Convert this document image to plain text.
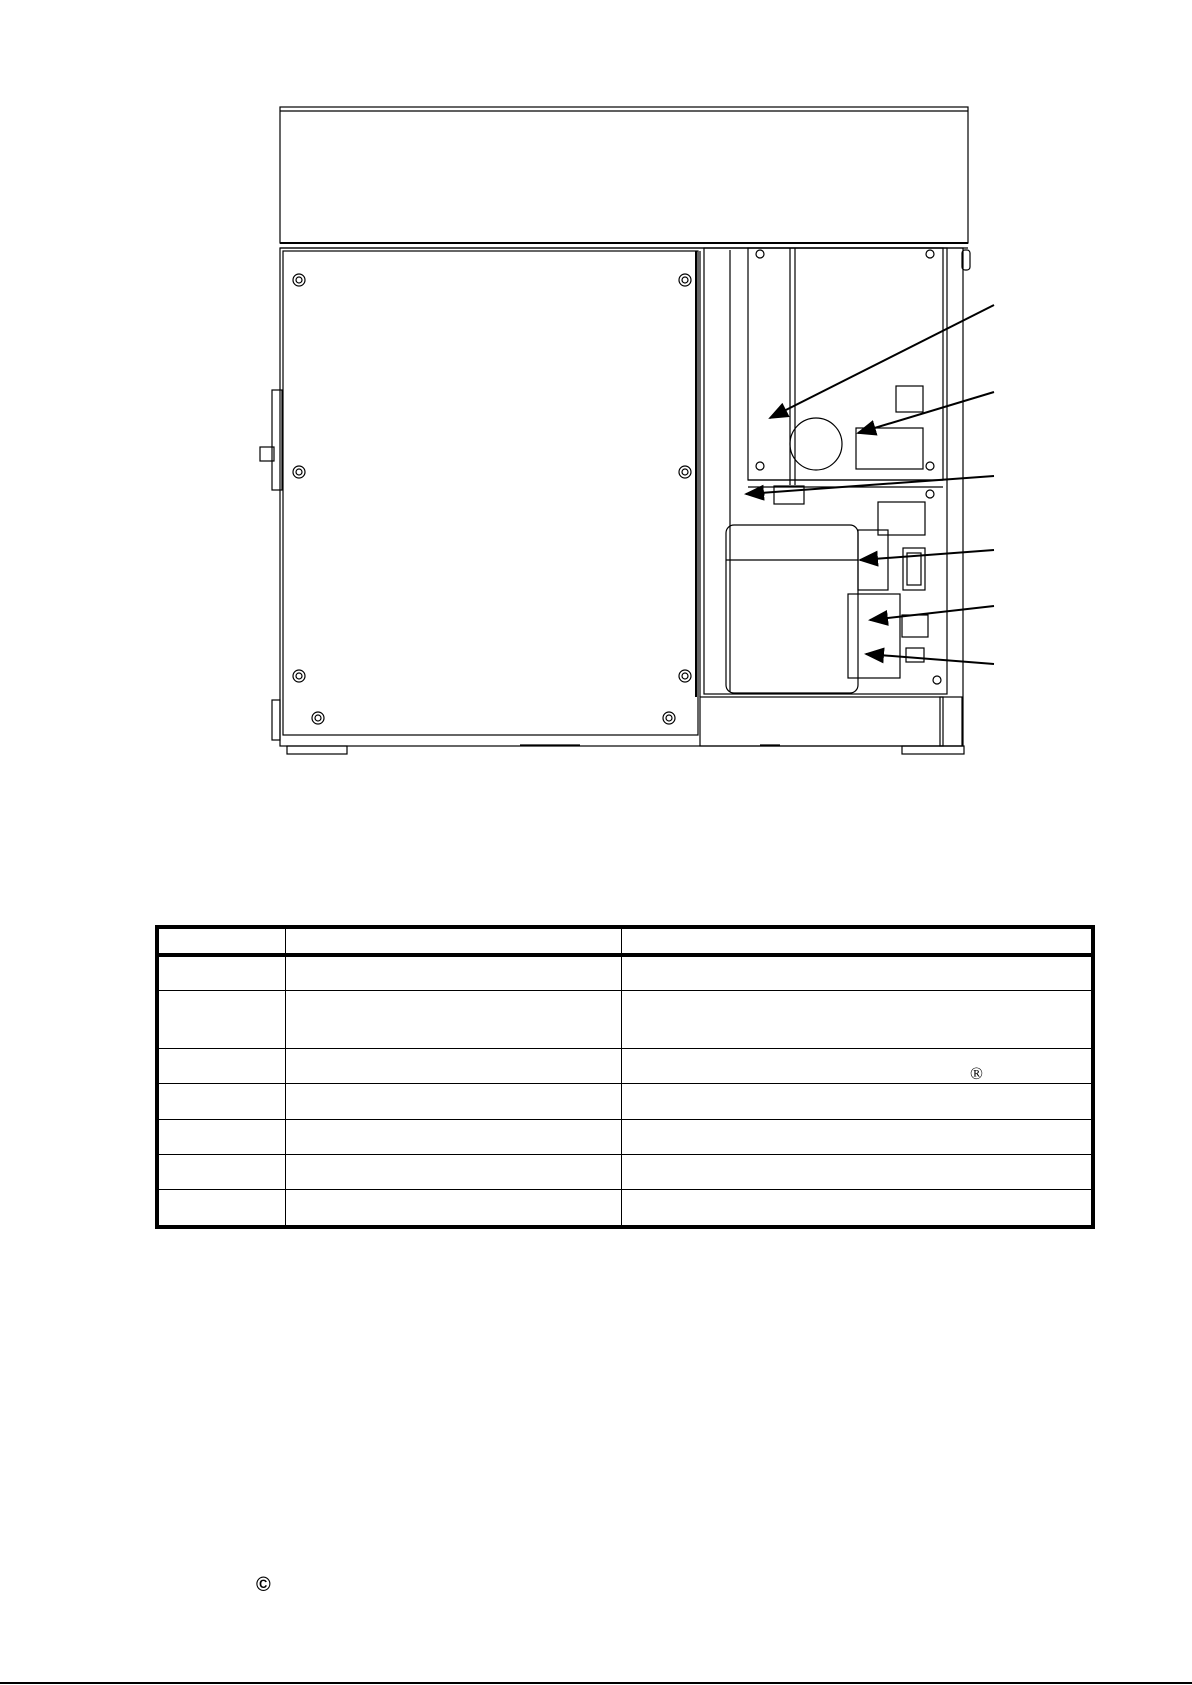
®
©
